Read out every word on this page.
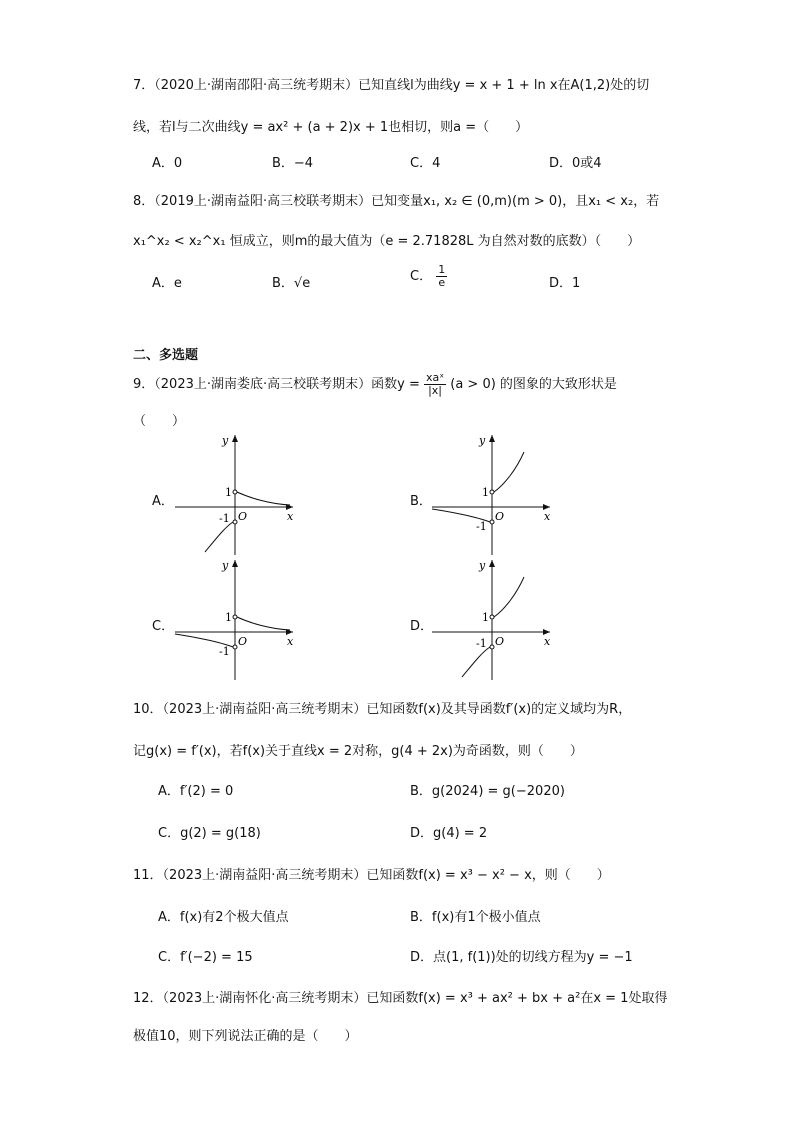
7．（2020上·湖南邵阳·高三统考期末）已知直线l为曲线y = x + 1 + ln x在A(1,2)处的切
线，若l与二次曲线y = ax² + (a + 2)x + 1也相切，则a =（　　）
A．0	B．−4	C．4	D．0或4
8．（2019上·湖南益阳·高三校联考期末）已知变量x₁, x₂ ∈ (0,m)(m > 0)，且x₁ < x₂，若
x₁^x₂ < x₂^x₁ 恒成立，则m的最大值为（e = 2.71828L 为自然对数的底数）（　　）
A．e	B．√e	C． $\frac{1}{e}$	D．1
二、多选题
9．（2023上·湖南娄底·高三校联考期末）函数$y = \frac{\text{xaˣ}}{|x|} (a > 0)$ 的图象的大致形状是
（　　）
A．	B．
C．	D．
y
1
-1 O	x
y
1
-1
O	x
y
1
-1
O	x
y
1
-1 O	x
10．（2023上·湖南益阳·高三统考期末）已知函数f(x)及其导函数f′(x)的定义域均为R，
记g(x) = f′(x)，若f(x)关于直线x = 2对称，g(4 + 2x)为奇函数，则（　　）
A．f′(2) = 0	B．g(2024) = g(−2020)
C．g(2) = g(18)	D．g(4) = 2
11．（2023上·湖南益阳·高三统考期末）已知函数f(x) = x³ − x² − x，则（　　）
A．f(x)有2个极大值点	B．f(x)有1个极小值点
C．f′(−2) = 15	D．点(1, f(1))处的切线方程为y = −1
12．（2023上·湖南怀化·高三统考期末）已知函数f(x) = x³ + ax² + bx + a²在x = 1处取得
极值10，则下列说法正确的是（　　）
